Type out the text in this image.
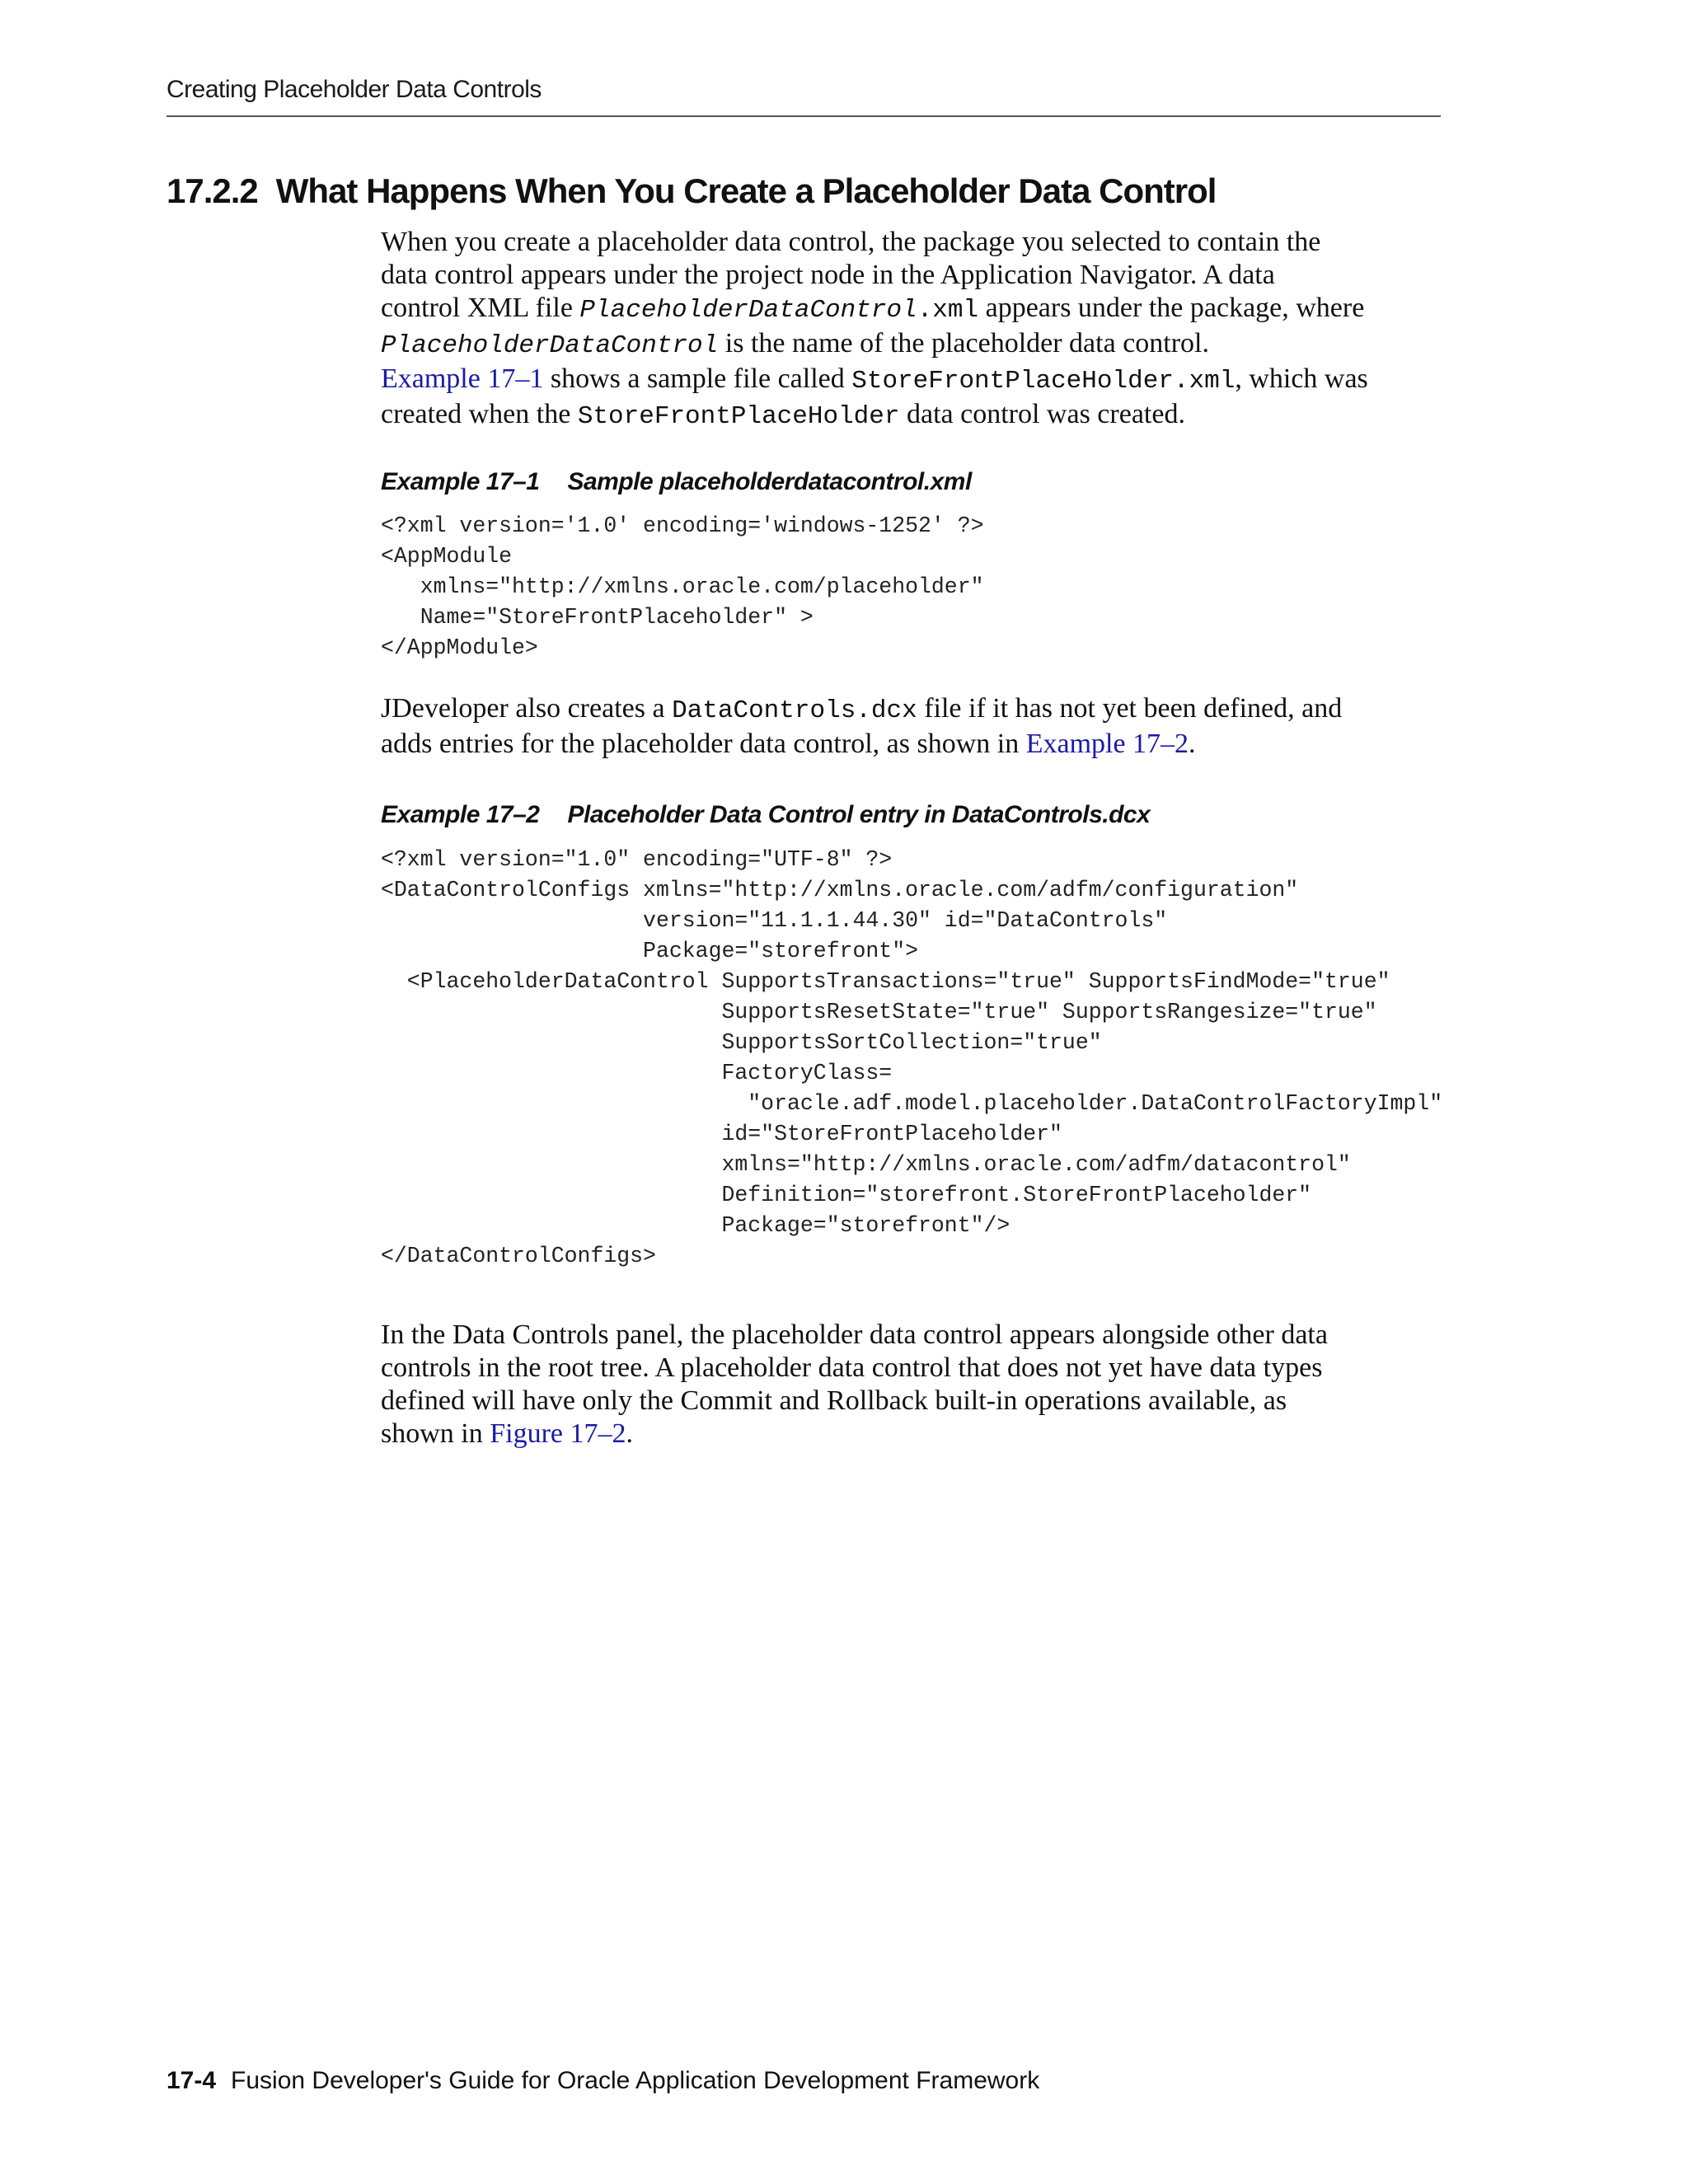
Creating Placeholder Data Controls
17.2.2 What Happens When You Create a Placeholder Data Control
When you create a placeholder data control, the package you selected to contain the
data control appears under the project node in the Application Navigator. A data
control XML file PlaceholderDataControl.xml appears under the package, where
PlaceholderDataControl is the name of the placeholder data control.
Example 17–1 shows a sample file called StoreFrontPlaceHolder.xml, which was
created when the StoreFrontPlaceHolder data control was created.
Example 17–1 Sample placeholderdatacontrol.xml
<?xml version='1.0' encoding='windows-1252' ?>
<AppModule
xmlns="http://xmlns.oracle.com/placeholder"
Name="StoreFrontPlaceholder" >
</AppModule>
JDeveloper also creates a DataControls.dcx file if it has not yet been defined, and
adds entries for the placeholder data control, as shown in Example 17–2.
Example 17–2 Placeholder Data Control entry in DataControls.dcx
<?xml version="1.0" encoding="UTF-8" ?>
<DataControlConfigs xmlns="http://xmlns.oracle.com/adfm/configuration"
version="11.1.1.44.30" id="DataControls"
Package="storefront">
<PlaceholderDataControl SupportsTransactions="true" SupportsFindMode="true"
SupportsResetState="true" SupportsRangesize="true"
SupportsSortCollection="true"
FactoryClass=
"oracle.adf.model.placeholder.DataControlFactoryImpl"
id="StoreFrontPlaceholder"
xmlns="http://xmlns.oracle.com/adfm/datacontrol"
Definition="storefront.StoreFrontPlaceholder"
Package="storefront"/>
</DataControlConfigs>
In the Data Controls panel, the placeholder data control appears alongside other data
controls in the root tree. A placeholder data control that does not yet have data types
defined will have only the Commit and Rollback built-in operations available, as
shown in Figure 17–2.
17-4 Fusion Developer's Guide for Oracle Application Development Framework
